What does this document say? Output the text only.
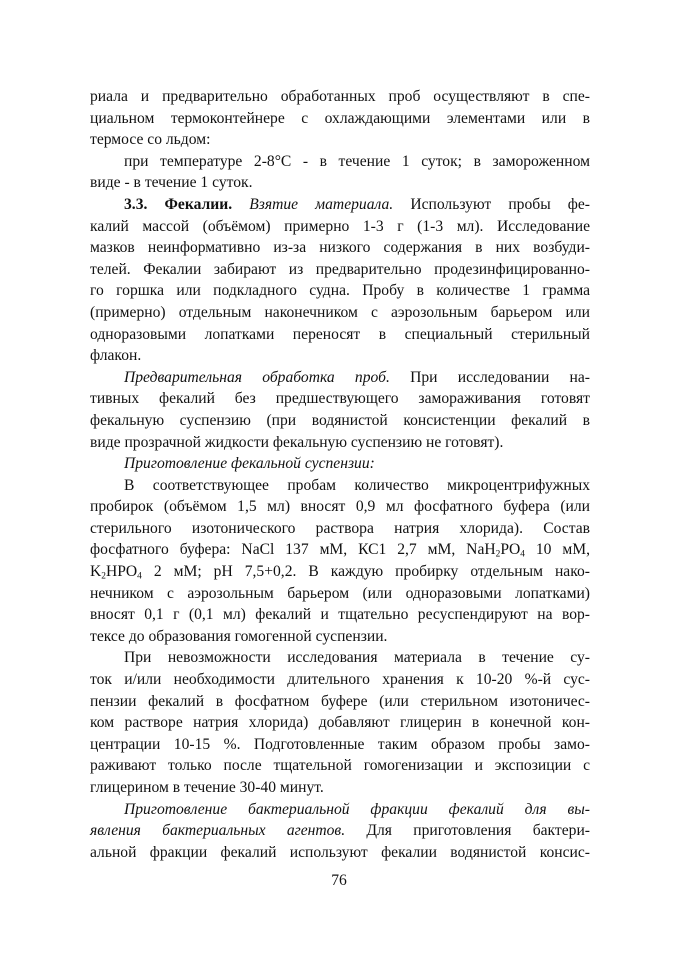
риала и предварительно обработанных проб осуществляют в спе-
циальном термоконтейнере с охлаждающими элементами или в
термосе со льдом:
при температуре 2-8°С - в течение 1 суток; в замороженном
виде - в течение 1 суток.
3.3. Фекалии. Взятие материала. Используют пробы фе-
калий массой (объёмом) примерно 1-3 г (1-3 мл). Исследование
мазков неинформативно из-за низкого содержания в них возбуди-
телей. Фекалии забирают из предварительно продезинфицированно-
го горшка или подкладного судна. Пробу в количестве 1 грамма
(примерно) отдельным наконечником с аэрозольным барьером или
одноразовыми лопатками переносят в специальный стерильный
флакон.
Предварительная обработка проб. При исследовании на-
тивных фекалий без предшествующего замораживания готовят
фекальную суспензию (при водянистой консистенции фекалий в
виде прозрачной жидкости фекальную суспензию не готовят).
Приготовление фекальной суспензии:
В соответствующее пробам количество микроцентрифужных
пробирок (объёмом 1,5 мл) вносят 0,9 мл фосфатного буфера (или
стерильного изотонического раствора натрия хлорида). Состав
фосфатного буфера: NaCl 137 мМ, КС1 2,7 мМ, $NaH_2PO_4$ 10 мМ,
$K_2HPO_4$ 2 мМ; pH 7,5+0,2. В каждую пробирку отдельным нако-
нечником с аэрозольным барьером (или одноразовыми лопатками)
вносят 0,1 г (0,1 мл) фекалий и тщательно ресуспендируют на вор-
тексе до образования гомогенной суспензии.
При невозможности исследования материала в течение су-
ток и/или необходимости длительного хранения к 10-20 %-й сус-
пензии фекалий в фосфатном буфере (или стерильном изотоничес-
ком растворе натрия хлорида) добавляют глицерин в конечной кон-
центрации 10-15 %. Подготовленные таким образом пробы замо-
раживают только после тщательной гомогенизации и экспозиции с
глицерином в течение 30-40 минут.
Приготовление бактериальной фракции фекалий для вы-
явления бактериальных агентов. Для приготовления бактери-
альной фракции фекалий используют фекалии водянистой консис-
76
